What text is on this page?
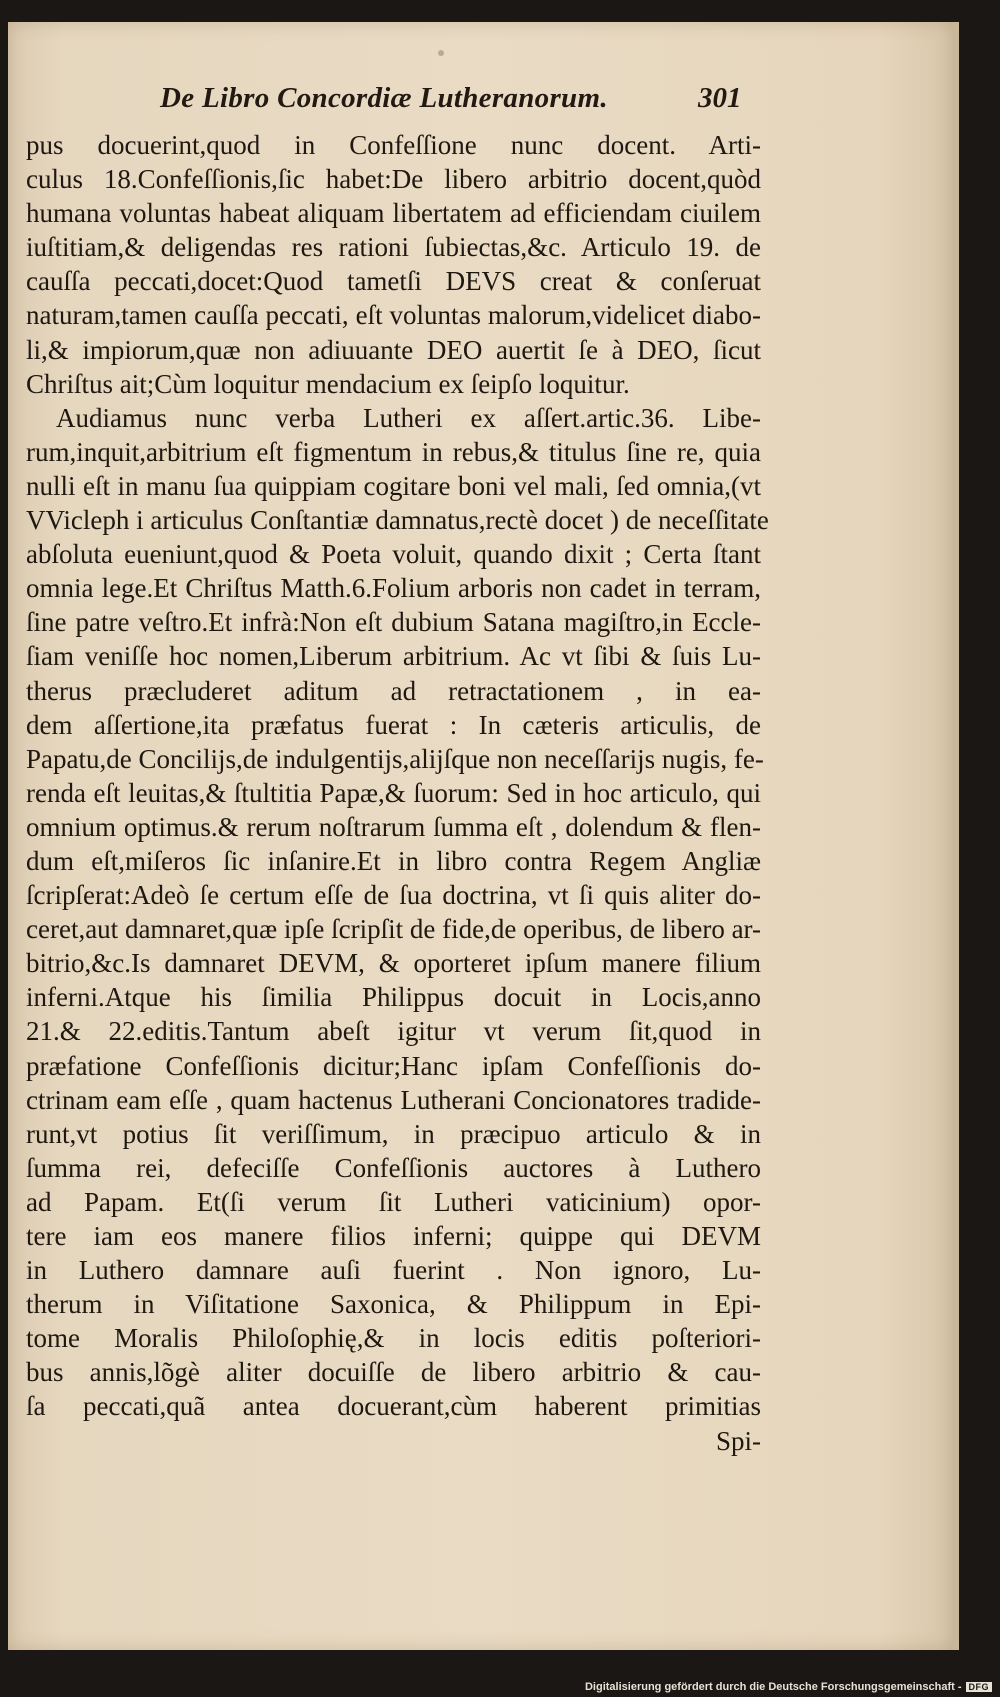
De Libro Concordiæ Lutheranorum.	301
pus docuerint,quod in Confeſſione nunc docent. Arti-
culus 18.Confeſſionis,ſic habet:De libero arbitrio docent,quòd
humana voluntas habeat aliquam libertatem ad efficiendam ciuilem
iuſtitiam,& deligendas res rationi ſubiectas,&c. Articulo 19. de
cauſſa peccati,docet:Quod tametſi DEVS creat & conſeruat
naturam,tamen cauſſa peccati, eſt voluntas malorum,videlicet diabo-
li,& impiorum,quæ non adiuuante DEO auertit ſe à DEO, ſicut
Chriſtus ait;Cùm loquitur mendacium ex ſeipſo loquitur.
Audiamus nunc verba Lutheri ex aſſert.artic.36. Libe-
rum,inquit,arbitrium eſt figmentum in rebus,& titulus ſine re, quia
nulli eſt in manu ſua quippiam cogitare boni vel mali, ſed omnia,(vt
VVicleph i articulus Conſtantiæ damnatus,rectè docet ) de neceſſitate
abſoluta eueniunt,quod & Poeta voluit, quando dixit ; Certa ſtant
omnia lege.Et Chriſtus Matth.6.Folium arboris non cadet in terram,
ſine patre veſtro.Et infrà:Non eſt dubium Satana magiſtro,in Eccle-
ſiam veniſſe hoc nomen,Liberum arbitrium. Ac vt ſibi & ſuis Lu-
therus præcluderet aditum ad retractationem , in ea-
dem aſſertione,ita præfatus fuerat : In cæteris articulis, de
Papatu,de Concilijs,de indulgentijs,alijſque non neceſſarijs nugis, fe-
renda eſt leuitas,& ſtultitia Papæ,& ſuorum: Sed in hoc articulo, qui
omnium optimus.& rerum noſtrarum ſumma eſt , dolendum & flen-
dum eſt,miſeros ſic inſanire.Et in libro contra Regem Angliæ
ſcripſerat:Adeò ſe certum eſſe de ſua doctrina, vt ſi quis aliter do-
ceret,aut damnaret,quæ ipſe ſcripſit de fide,de operibus, de libero ar-
bitrio,&c.Is damnaret DEVM, & oporteret ipſum manere filium
inferni.Atque his ſimilia Philippus docuit in Locis,anno
21.& 22.editis.Tantum abeſt igitur vt verum ſit,quod in
præfatione Confeſſionis dicitur;Hanc ipſam Confeſſionis do-
ctrinam eam eſſe , quam hactenus Lutherani Concionatores tradide-
runt,vt potius ſit veriſſimum, in præcipuo articulo & in
ſumma rei, defeciſſe Confeſſionis auctores à Luthero
ad Papam. Et(ſi verum ſit Lutheri vaticinium) opor-
tere iam eos manere filios inferni; quippe qui DEVM
in Luthero damnare auſi fuerint . Non ignoro, Lu-
therum in Viſitatione Saxonica, & Philippum in Epi-
tome Moralis Philoſophię,& in locis editis poſteriori-
bus annis,lõgè aliter docuiſſe de libero arbitrio & cau-
ſa peccati,quã antea docuerant,cùm haberent primitias
Spi-
Digitalisierung gefördert durch die Deutsche Forschungsgemeinschaft - DFG
